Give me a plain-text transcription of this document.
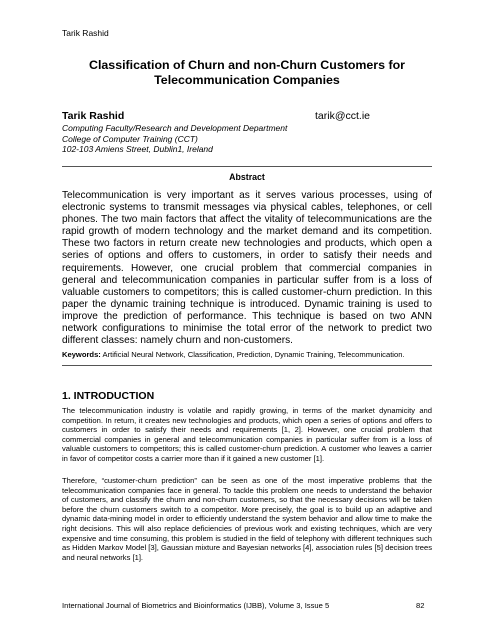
Tarik Rashid
Classification of Churn and non-Churn Customers for Telecommunication Companies
Tarik Rashid	tarik@cct.ie
Computing Faculty/Research and Development Department
College of Computer Training (CCT)
102-103 Amiens Street, Dublin1, Ireland
Abstract
Telecommunication is very important as it serves various processes, using of electronic systems to transmit messages via physical cables, telephones, or cell phones. The two main factors that affect the vitality of telecommunications are the rapid growth of modern technology and the market demand and its competition. These two factors in return create new technologies and products, which open a series of options and offers to customers, in order to satisfy their needs and requirements. However, one crucial problem that commercial companies in general and telecommunication companies in particular suffer from is a loss of valuable customers to competitors; this is called customer-churn prediction. In this paper the dynamic training technique is introduced. Dynamic training is used to improve the prediction of performance. This technique is based on two ANN network configurations to minimise the total error of the network to predict two different classes: namely churn and non-customers.
Keywords: Artificial Neural Network, Classification, Prediction, Dynamic Training, Telecommunication.
1. INTRODUCTION
The telecommunication industry is volatile and rapidly growing, in terms of the market dynamicity and competition. In return, it creates new technologies and products, which open a series of options and offers to customers in order to satisfy their needs and requirements [1, 2]. However, one crucial problem that commercial companies in general and telecommunication companies in particular suffer from is a loss of valuable customers to competitors; this is called customer-churn prediction. A customer who leaves a carrier in favor of competitor costs a carrier more than if it gained a new customer [1].
Therefore, “customer-churn prediction” can be seen as one of the most imperative problems that the telecommunication companies face in general. To tackle this problem one needs to understand the behavior of customers, and classify the churn and non-churn customers, so that the necessary decisions will be taken before the churn customers switch to a competitor. More precisely, the goal is to build up an adaptive and dynamic data-mining model in order to efficiently understand the system behavior and allow time to make the right decisions. This will also replace deficiencies of previous work and existing techniques, which are very expensive and time consuming, this problem is studied in the field of telephony with different techniques such as Hidden Markov Model [3], Gaussian mixture and Bayesian networks [4], association rules [5] decision trees and neural networks [1].
International Journal of Biometrics and Bioinformatics (IJBB), Volume 3, Issue 5	82
